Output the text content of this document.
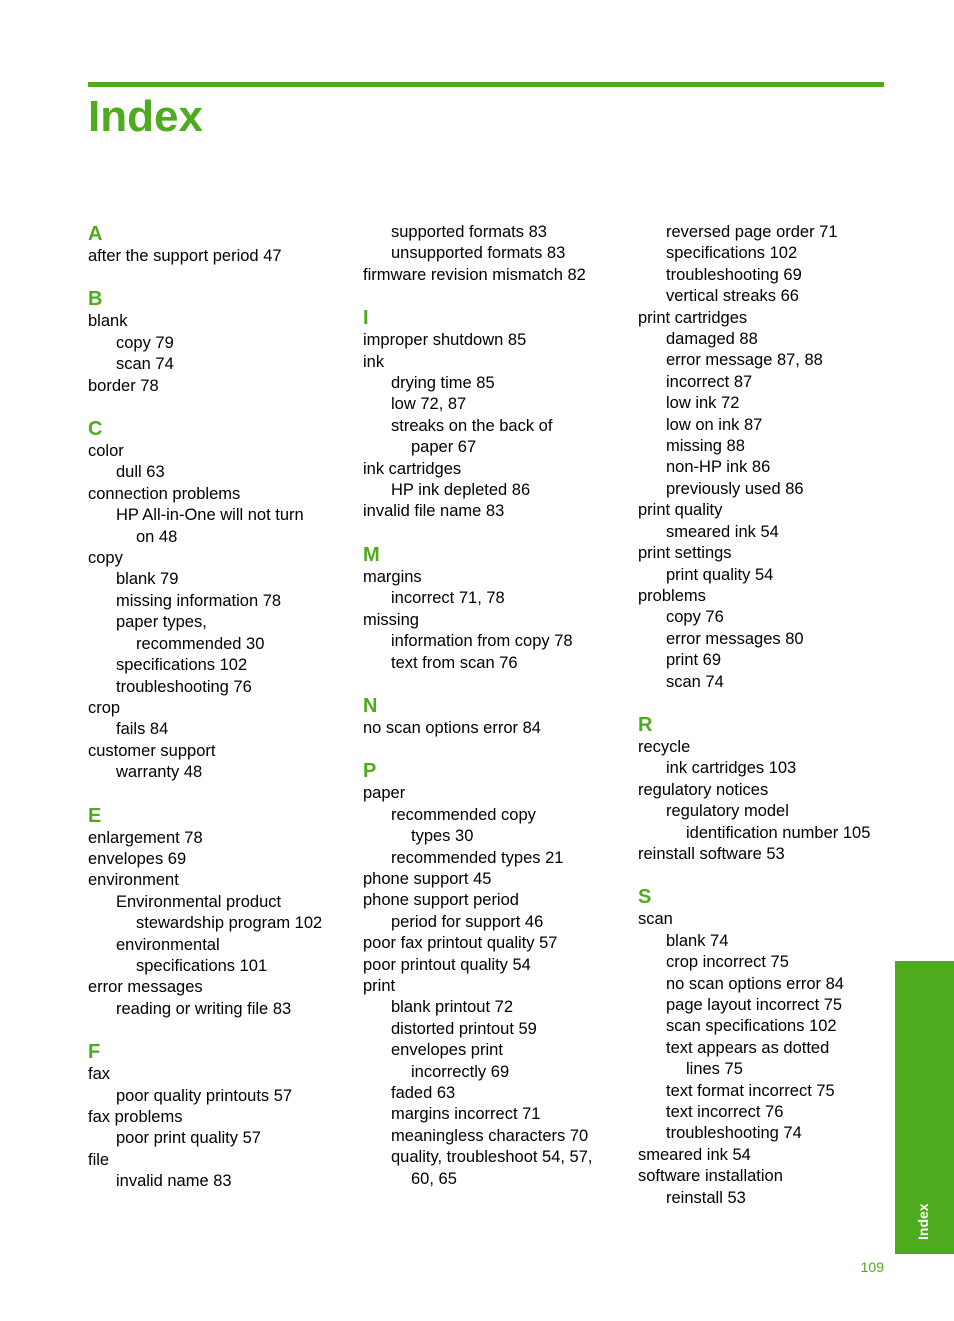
Index
A
after the support period 47
B
blank
copy 79
scan 74
border 78
C
color
dull 63
connection problems
HP All-in-One will not turn
on 48
copy
blank 79
missing information 78
paper types,
recommended 30
specifications 102
troubleshooting 76
crop
fails 84
customer support
warranty 48
E
enlargement 78
envelopes 69
environment
Environmental product
stewardship program 102
environmental
specifications 101
error messages
reading or writing file 83
F
fax
poor quality printouts 57
fax problems
poor print quality 57
file
invalid name 83
supported formats 83
unsupported formats 83
firmware revision mismatch 82
I
improper shutdown 85
ink
drying time 85
low 72, 87
streaks on the back of
paper 67
ink cartridges
HP ink depleted 86
invalid file name 83
M
margins
incorrect 71, 78
missing
information from copy 78
text from scan 76
N
no scan options error 84
P
paper
recommended copy
types 30
recommended types 21
phone support 45
phone support period
period for support 46
poor fax printout quality 57
poor printout quality 54
print
blank printout 72
distorted printout 59
envelopes print
incorrectly 69
faded 63
margins incorrect 71
meaningless characters 70
quality, troubleshoot 54, 57,
60, 65
reversed page order 71
specifications 102
troubleshooting 69
vertical streaks 66
print cartridges
damaged 88
error message 87, 88
incorrect 87
low ink 72
low on ink 87
missing 88
non-HP ink 86
previously used 86
print quality
smeared ink 54
print settings
print quality 54
problems
copy 76
error messages 80
print 69
scan 74
R
recycle
ink cartridges 103
regulatory notices
regulatory model
identification number 105
reinstall software 53
S
scan
blank 74
crop incorrect 75
no scan options error 84
page layout incorrect 75
scan specifications 102
text appears as dotted
lines 75
text format incorrect 75
text incorrect 76
troubleshooting 74
smeared ink 54
software installation
reinstall 53
Index
109
